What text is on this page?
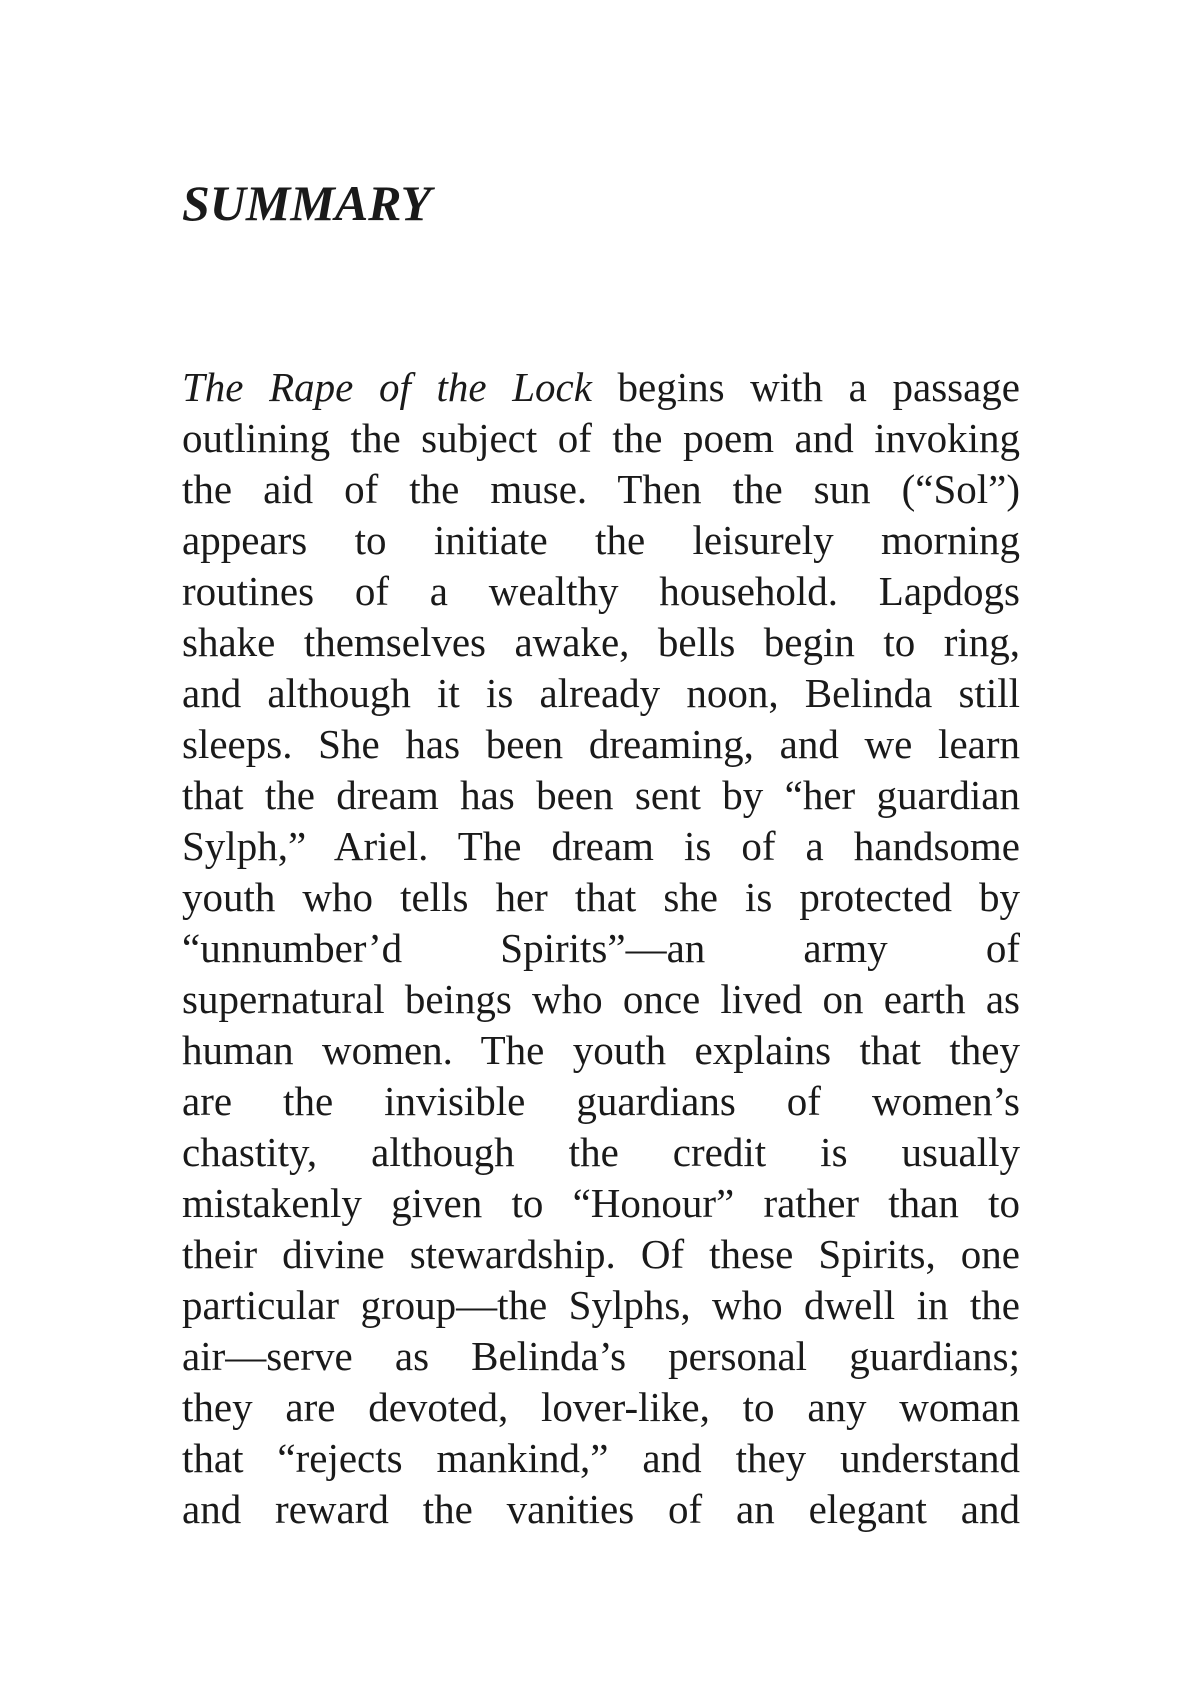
SUMMARY
The Rape of the Lock begins with a passage
outlining the subject of the poem and invoking
the aid of the muse. Then the sun (“Sol”)
appears to initiate the leisurely morning
routines of a wealthy household. Lapdogs
shake themselves awake, bells begin to ring,
and although it is already noon, Belinda still
sleeps. She has been dreaming, and we learn
that the dream has been sent by “her guardian
Sylph,” Ariel. The dream is of a handsome
youth who tells her that she is protected by
“unnumber’d Spirits”—an army of
supernatural beings who once lived on earth as
human women. The youth explains that they
are the invisible guardians of women’s
chastity, although the credit is usually
mistakenly given to “Honour” rather than to
their divine stewardship. Of these Spirits, one
particular group—the Sylphs, who dwell in the
air—serve as Belinda’s personal guardians;
they are devoted, lover-like, to any woman
that “rejects mankind,” and they understand
and reward the vanities of an elegant and
